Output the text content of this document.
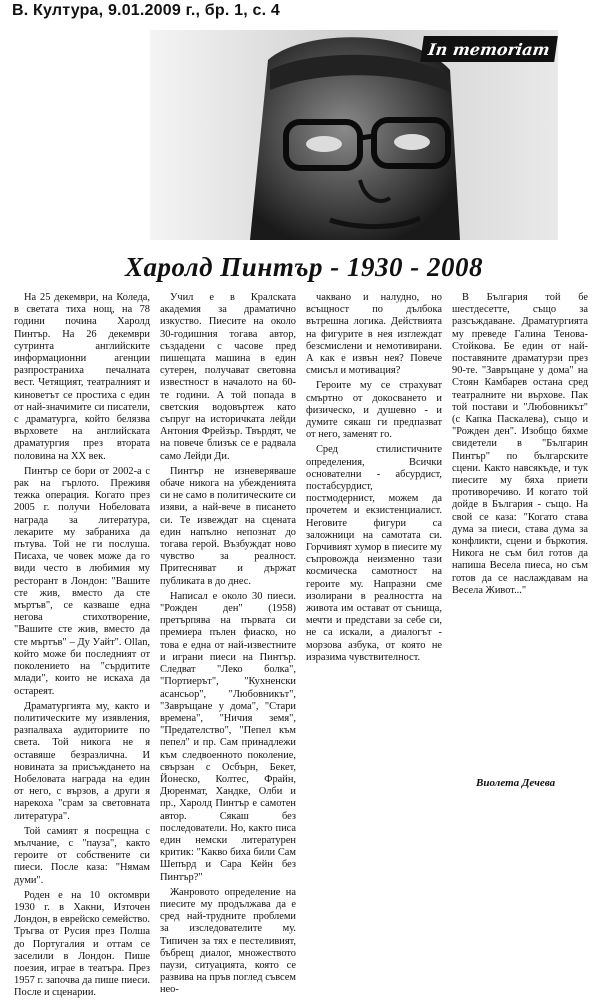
В. Култура, 9.01.2009 г., бр. 1, с. 4
In memoriam
Харолд Пинтър - 1930 - 2008

На 25 декември, на Коледа, в светата тиха нощ, на 78 години почина Харолд Пинтър. На 26 декември сутринта английските информационни агенции разпространиха печалната вест. Четящият, театралният и киноветът се простиха с един от най-значимите си писатели, с драматурга, който белязва върховете на английската драматургия през втората половина на XX век.

Пинтър се бори от 2002-а с рак на гърлото. Преживя тежка операция. Когато през 2005 г. получи Нобеловата награда за литература, лекарите му забраниха да пътува. Той не ги послуша. Писаха, че човек може да го види често в любимия му ресторант в Лондон: "Вашите сте жив, вместо да сте мъртъв", се казваше една негова стихотворение, "Вашите сте жив, вместо да сте мъртъв" – Ду Уайт". Ollan, който може би последният от поколението на "сърдитите млади", които не искаха да остареят.

Драматургията му, както и политическите му изявления, разпалваха аудиториите по света. Той никога не я оставяше безразлична. И новината за присъждането на Нобеловата награда на един от него, с вързов, а други я нарекоха "срам за световната литература".

Той самият я посрещна с мълчание, с "пауза", както героите от собствените си пиеси. После каза: "Нямам думи".

Роден е на 10 октомври 1930 г. в Хакни, Източен Лондон, в еврейско семейство. Тръгва от Русия през Полша до Португалия и оттам се заселили в Лондон. Пише поезия, играе в театъра. През 1957 г. започва да пише пиеси. После и сценарии.

Учил е в Кралската академия за драматично изкуство. Пиесите на около 30-годишния тогава автор, създадени с часове пред пишещата машина в един сутерен, получават световна известност в началото на 60-те години. А той попада в светския водовъртеж като съпруг на историчката лейди Антония Фрейзър. Твърдят, че на повече близък се е радвала само Лейди Ди.

Пинтър не изневеряваше обаче никога на убежденията си не само в политическите си изяви, а най-вече в писането си. Те извеждат на сцената един напълно непознат до тогава герой. Възбуждат ново чувство за реалност. Притесняват и държат публиката в до днес.

Написал е около 30 пиеси. "Рожден ден" (1958) претърпява на първата си премиера пълен фиаско, но това е една от най-известните и играни пиеси на Пинтър. Следват "Леко болка", "Портиерът", "Кухненски асансьор", "Любовникът", "Завръщане у дома", "Стари времена", "Ничия земя", "Предателство", "Пепел към пепел" и пр. Сам принадлежи към следвоенното поколение, свързан с Осбърн, Бекет, Йонеско, Колтес, Фрайн, Дюренмат, Хандке, Олби и пр., Харолд Пинтър е самотен автор. Сякаш без последователи. Но, както писа един немски литературен критик: "Какво биха били Сам Шепърд и Сара Кейн без Пинтър?"

Жанровото определение на пиесите му продължава да е сред най-трудните проблеми за изследователите му. Типичен за тях е пестеливият, бъбрещ диалог, множеството паузи, ситуацията, която се развива на пръв поглед съвсем нео-

чаквано и налудно, но всъщност по дълбока вътрешна логика. Действията на фигурите в нея изглеждат безсмислени и немотивирани. А как е извън нея? Повече смисъл и мотивация?

Героите му се страхуват смъртно от докосването и физическо, и душевно - и думите сякаш ги предпазват от него, заменят го.

Сред стилистичните определения, Всички основателни - абсурдист, постабсурдист, постмодернист, можем да прочетем и екзистенциалист. Неговите фигури са заложници на самотата си. Горчивият хумор в пиесите му съпровожда неизменно тази космическа самотност на героите му. Напразни сме изолирани в реалността на живота им остават от сънища, мечти и представи за себе си, не са искали, а диалогът - морзова азбука, от която не изразима чувствителност.

В България той бе шестдесетте, също за разсъждаване. Драматургията му преведе Галина Тенова-Стойкова. Бе един от най-поставяните драматурзи през 90-те. "Завръщане у дома" на Стоян Камбарев остана сред театралните ни върхове. Пак той постави и "Любовникът" (с Капка Паскалева), също и "Рожден ден". Изобщо бяхме свидетели в "Българин Пинтър" по българските сцени. Както навсякъде, и тук пиесите му бяха приети противоречиво. И когато той дойде в България - също. На свой се каза: "Когато става дума за пиеси, става дума за конфликти, сцени и бъркотия. Никога не съм бил готов да напиша Весела пиеса, но съм готов да се наслаждавам на Весела Живот..."

Виолета Дечева
